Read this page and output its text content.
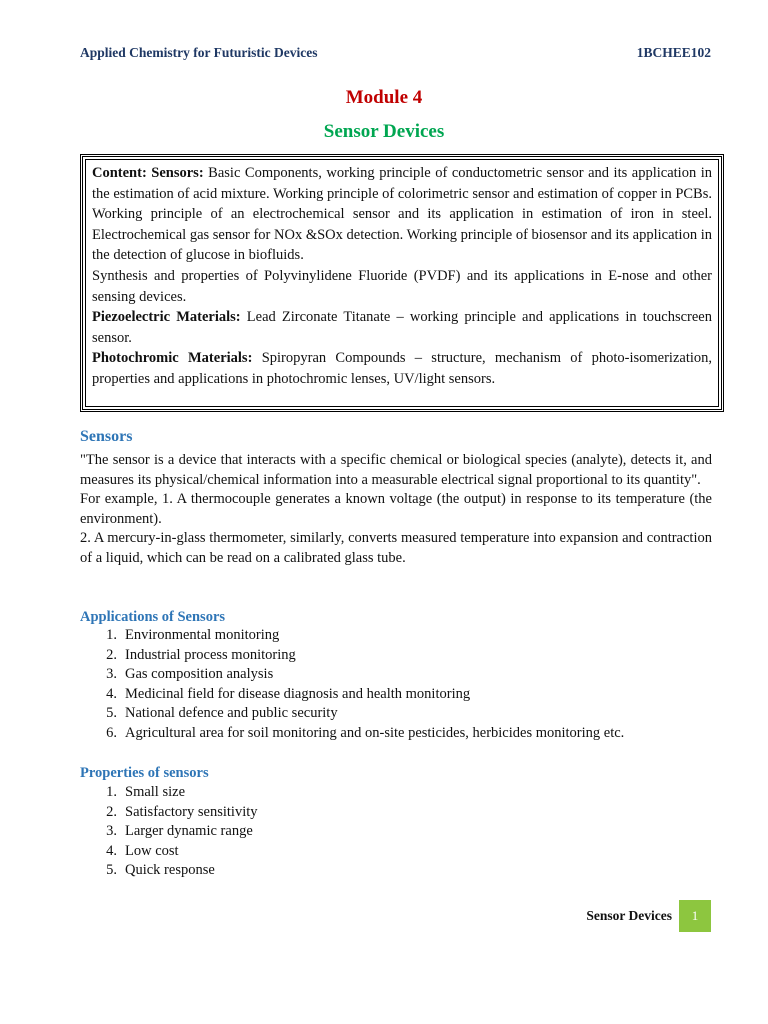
Applied Chemistry for Futuristic Devices	1BCHEE102
Module 4
Sensor Devices

Content: Sensors: Basic Components, working principle of conductometric sensor and its application in the estimation of acid mixture. Working principle of colorimetric sensor and estimation of copper in PCBs. Working principle of an electrochemical sensor and its application in estimation of iron in steel. Electrochemical gas sensor for NOx &SOx detection. Working principle of biosensor and its application in the detection of glucose in biofluids.

Synthesis and properties of Polyvinylidene Fluoride (PVDF) and its applications in E-nose and other sensing devices.

Piezoelectric Materials: Lead Zirconate Titanate – working principle and applications in touchscreen sensor.

Photochromic Materials: Spiropyran Compounds – structure, mechanism of photo-isomerization, properties and applications in photochromic lenses, UV/light sensors.

Sensors

"The sensor is a device that interacts with a specific chemical or biological species (analyte), detects it, and measures its physical/chemical information into a measurable electrical signal proportional to its quantity".

For example, 1. A thermocouple generates a known voltage (the output) in response to its temperature (the environment).

2. A mercury-in-glass thermometer, similarly, converts measured temperature into expansion and contraction of a liquid, which can be read on a calibrated glass tube.

Applications of Sensors
1. Environmental monitoring
2. Industrial process monitoring
3. Gas composition analysis
4. Medicinal field for disease diagnosis and health monitoring
5. National defence and public security
6. Agricultural area for soil monitoring and on-site pesticides, herbicides monitoring etc.
Properties of sensors
1. Small size
2. Satisfactory sensitivity
3. Larger dynamic range
4. Low cost
5. Quick response
Sensor Devices	1
